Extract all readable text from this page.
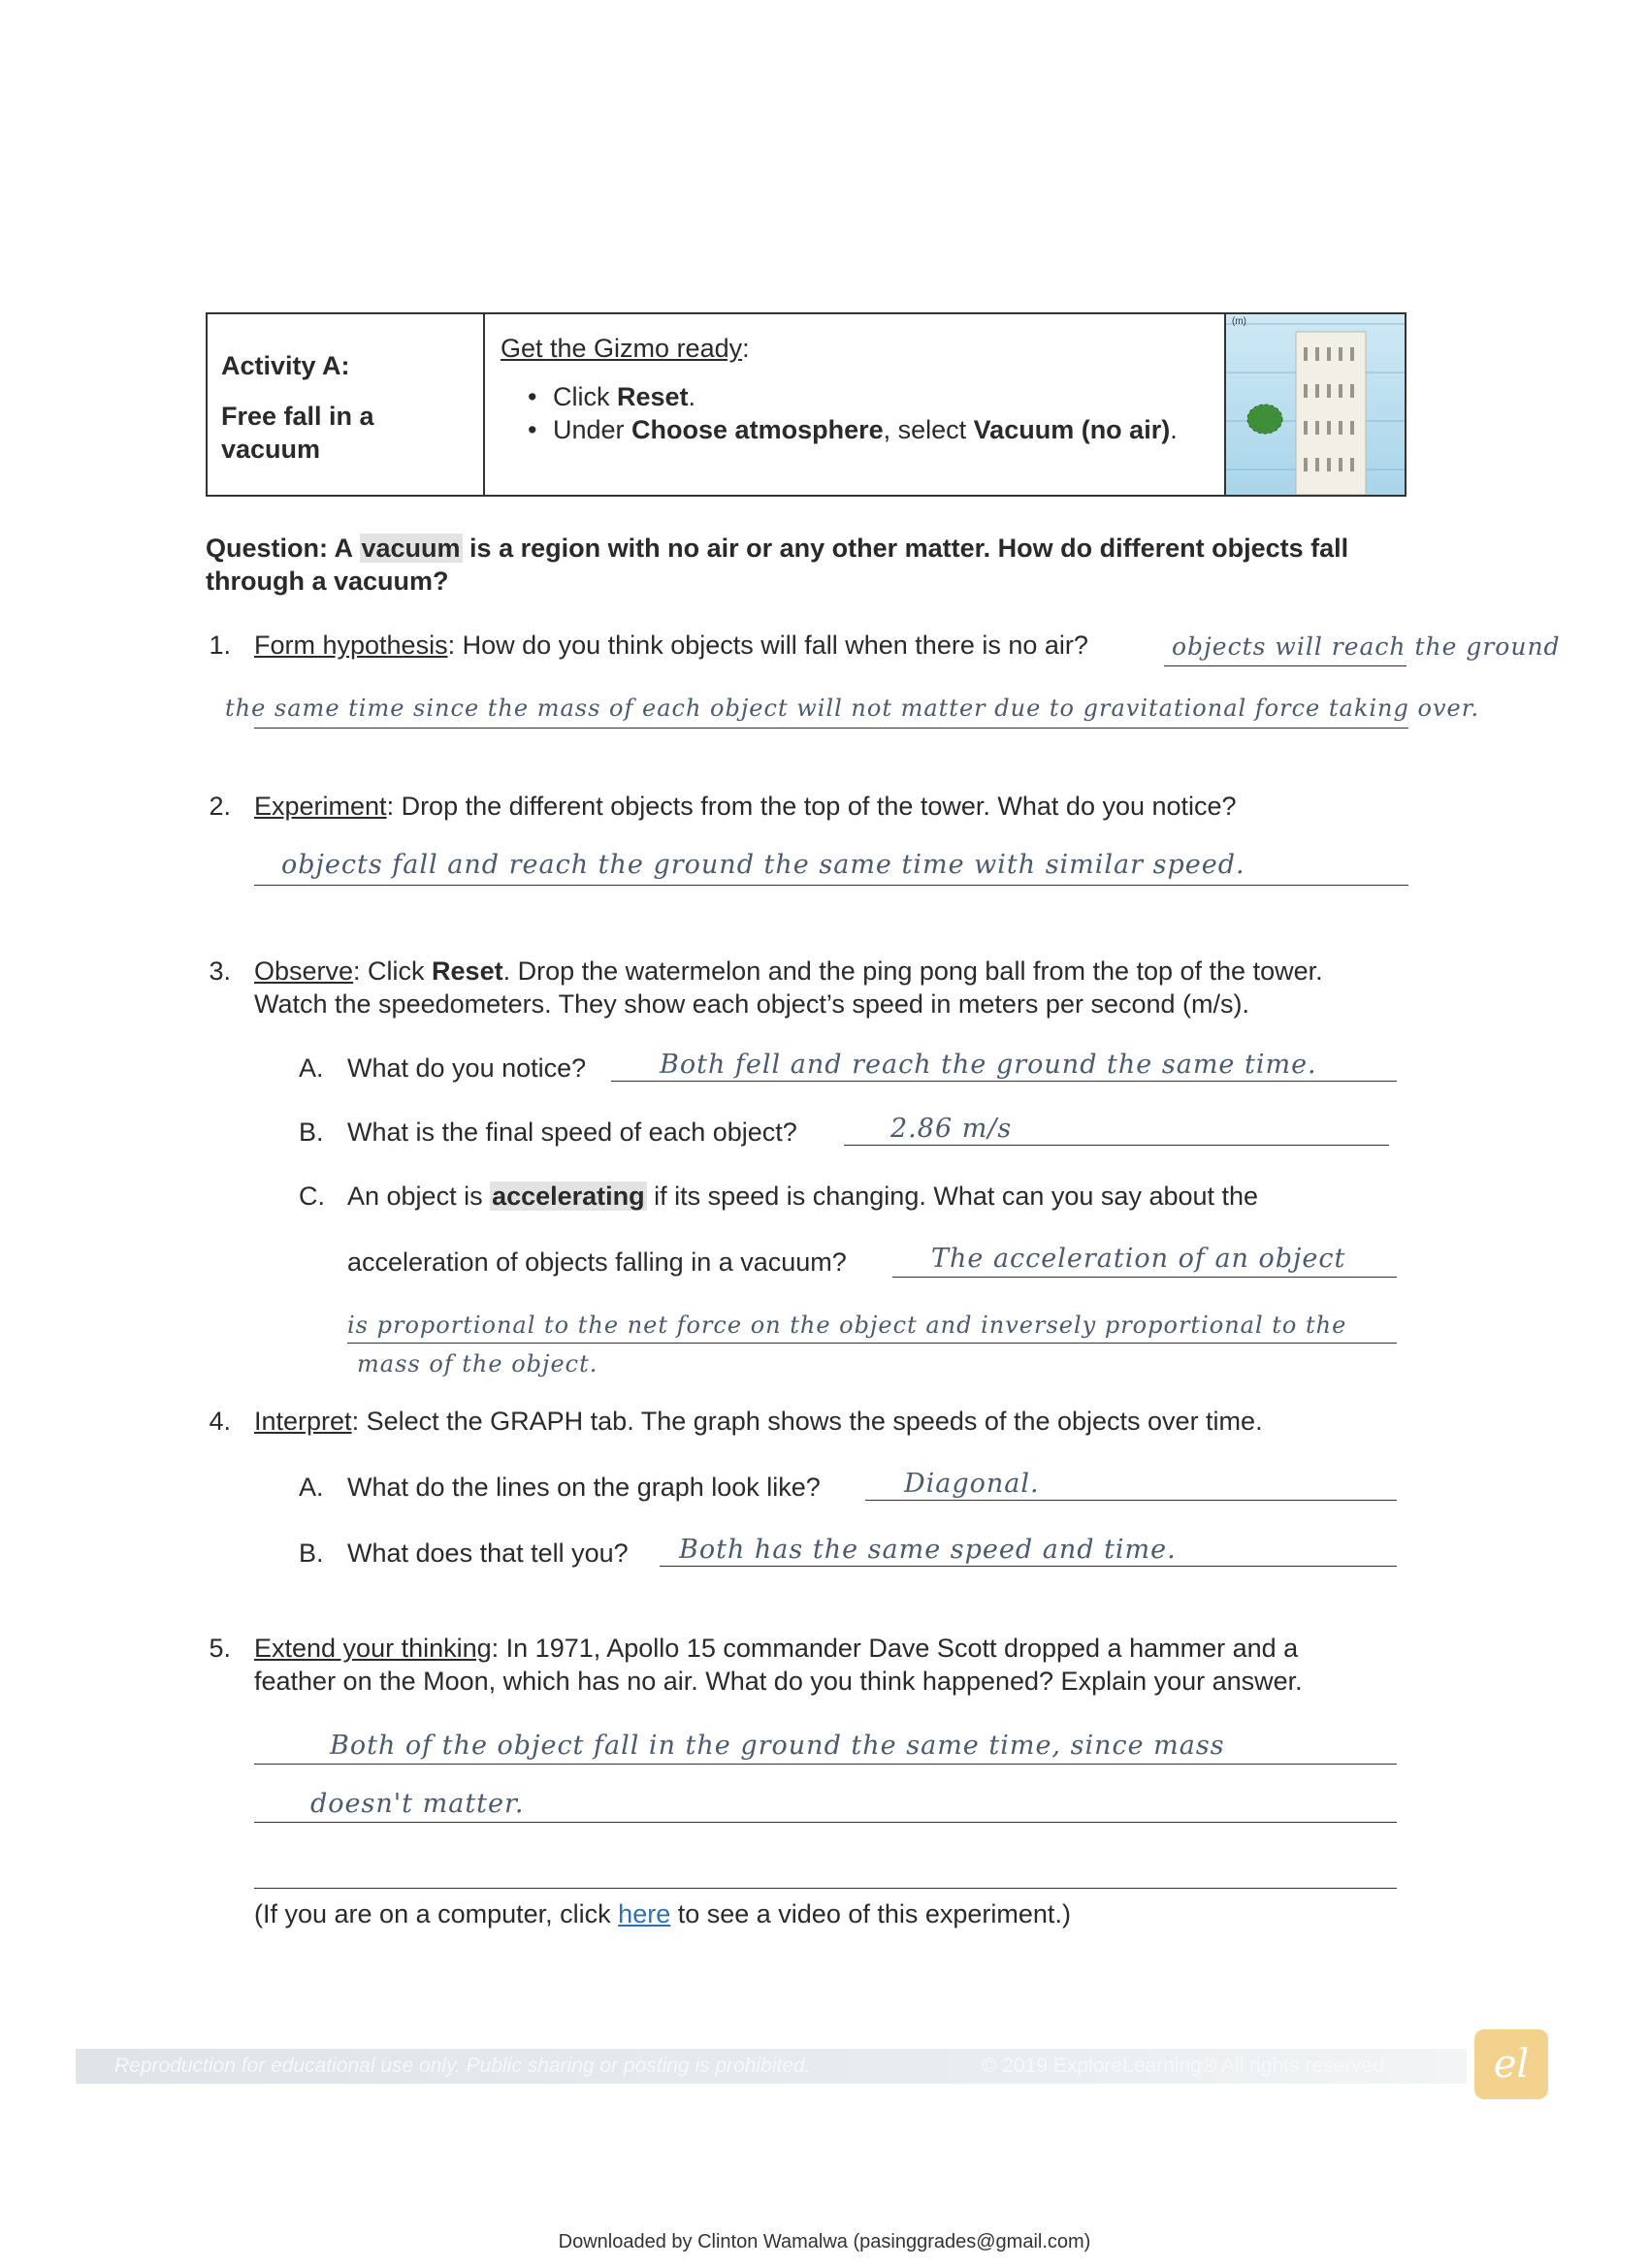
Activity A:
Free fall in a vacuum
Get the Gizmo ready:
• Click Reset.
• Under Choose atmosphere, select Vacuum (no air).
(m)
Question: A vacuum is a region with no air or any other matter. How do different objects fall through a vacuum?
1. Form hypothesis: How do you think objects will fall when there is no air?	objects will reach the ground
the same time since the mass of each object will not matter due to gravitational force taking over.
2. Experiment: Drop the different objects from the top of the tower. What do you notice?
objects fall and reach the ground the same time with similar speed.
3. Observe: Click Reset. Drop the watermelon and the ping pong ball from the top of the tower.
Watch the speedometers. They show each object’s speed in meters per second (m/s).
A. What do you notice?	Both fell and reach the ground the same time.
B. What is the final speed of each object?	2.86 m/s
C. An object is accelerating if its speed is changing. What can you say about the
acceleration of objects falling in a vacuum?	The acceleration of an object
is proportional to the net force on the object and inversely proportional to the
mass of the object.
4. Interpret: Select the GRAPH tab. The graph shows the speeds of the objects over time.
A. What do the lines on the graph look like?	Diagonal.
B. What does that tell you? Both has the same speed and time.
5. Extend your thinking: In 1971, Apollo 15 commander Dave Scott dropped a hammer and a
feather on the Moon, which has no air. What do you think happened? Explain your answer.
Both of the object fall in the ground the same time, since mass
doesn't matter.
(If you are on a computer, click here to see a video of this experiment.)
Reproduction for educational use only. Public sharing or posting is prohibited.	© 2019 ExploreLearning® All rights reserved	el
Downloaded by Clinton Wamalwa (pasinggrades@gmail.com)
